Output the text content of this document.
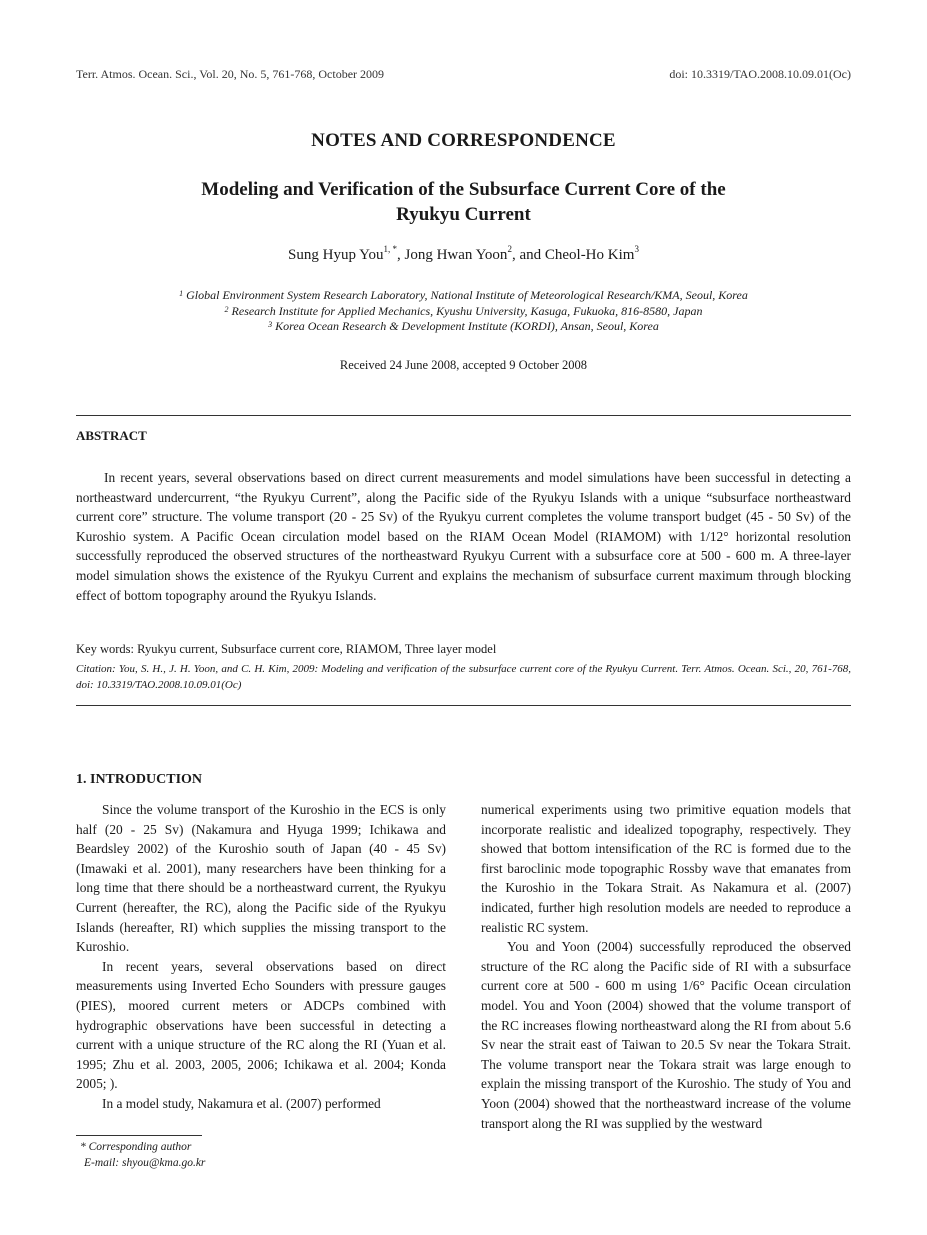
Terr. Atmos. Ocean. Sci., Vol. 20, No. 5, 761-768, October 2009	doi: 10.3319/TAO.2008.10.09.01(Oc)
NOTES AND CORRESPONDENCE
Modeling and Verification of the Subsurface Current Core of the
Ryukyu Current
Sung Hyup You$^{1, *}$, Jong Hwan Yoon$^2$, and Cheol-Ho Kim$^3$
$^1$ Global Environment System Research Laboratory, National Institute of Meteorological Research/KMA, Seoul, Korea
$^2$ Research Institute for Applied Mechanics, Kyushu University, Kasuga, Fukuoka, 816-8580, Japan
$^3$ Korea Ocean Research & Development Institute (KORDI), Ansan, Seoul, Korea
Received 24 June 2008, accepted 9 October 2008
ABSTRACT

In recent years, several observations based on direct current measurements and model simulations have been successful in detecting a northeastward undercurrent, “the Ryukyu Current”, along the Pacific side of the Ryukyu Islands with a unique “subsurface northeastward current core” structure. The volume transport (20 - 25 Sv) of the Ryukyu current completes the volume transport budget (45 - 50 Sv) of the Kuroshio system. A Pacific Ocean circulation model based on the RIAM Ocean Model (RIAMOM) with 1/12° horizontal resolution successfully reproduced the observed structures of the northeastward Ryukyu Current with a subsurface core at 500 - 600 m. A three-layer model simulation shows the existence of the Ryukyu Current and explains the mechanism of subsurface current maximum through blocking effect of bottom topography around the Ryukyu Islands.

Key words: Ryukyu current, Subsurface current core, RIAMOM, Three layer model
Citation: You, S. H., J. H. Yoon, and C. H. Kim, 2009: Modeling and verification of the subsurface current core of the Ryukyu Current. Terr. Atmos. Ocean. Sci., 20, 761-768, doi: 10.3319/TAO.2008.10.09.01(Oc)
1. INTRODUCTION

Since the volume transport of the Kuroshio in the ECS is only half (20 - 25 Sv) (Nakamura and Hyuga 1999; Ichikawa and Beardsley 2002) of the Kuroshio south of Japan (40 - 45 Sv) (Imawaki et al. 2001), many researchers have been thinking for a long time that there should be a northeastward current, the Ryukyu Current (hereafter, the RC), along the Pacific side of the Ryukyu Islands (hereafter, RI) which supplies the missing transport to the Kuroshio.

In recent years, several observations based on direct measurements using Inverted Echo Sounders with pressure gauges (PIES), moored current meters or ADCPs combined with hydrographic observations have been successful in detecting a current with a unique structure of the RC along the RI (Yuan et al. 1995; Zhu et al. 2003, 2005, 2006; Ichikawa et al. 2004; Konda 2005; ).

In a model study, Nakamura et al. (2007) performed

numerical experiments using two primitive equation models that incorporate realistic and idealized topography, respectively. They showed that bottom intensification of the RC is formed due to the first baroclinic mode topographic Rossby wave that emanates from the Kuroshio in the Tokara Strait. As Nakamura et al. (2007) indicated, further high resolution models are needed to reproduce a realistic RC system.

You and Yoon (2004) successfully reproduced the observed structure of the RC along the Pacific side of RI with a subsurface current core at 500 - 600 m using 1/6° Pacific Ocean circulation model. You and Yoon (2004) showed that the volume transport of the RC increases flowing northeastward along the RI from about 5.6 Sv near the strait east of Taiwan to 20.5 Sv near the Tokara Strait. The volume transport near the Tokara strait was large enough to explain the missing transport of the Kuroshio. The study of You and Yoon (2004) showed that the northeastward increase of the volume transport along the RI was supplied by the westward

* Corresponding author
E-mail: shyou@kma.go.kr
